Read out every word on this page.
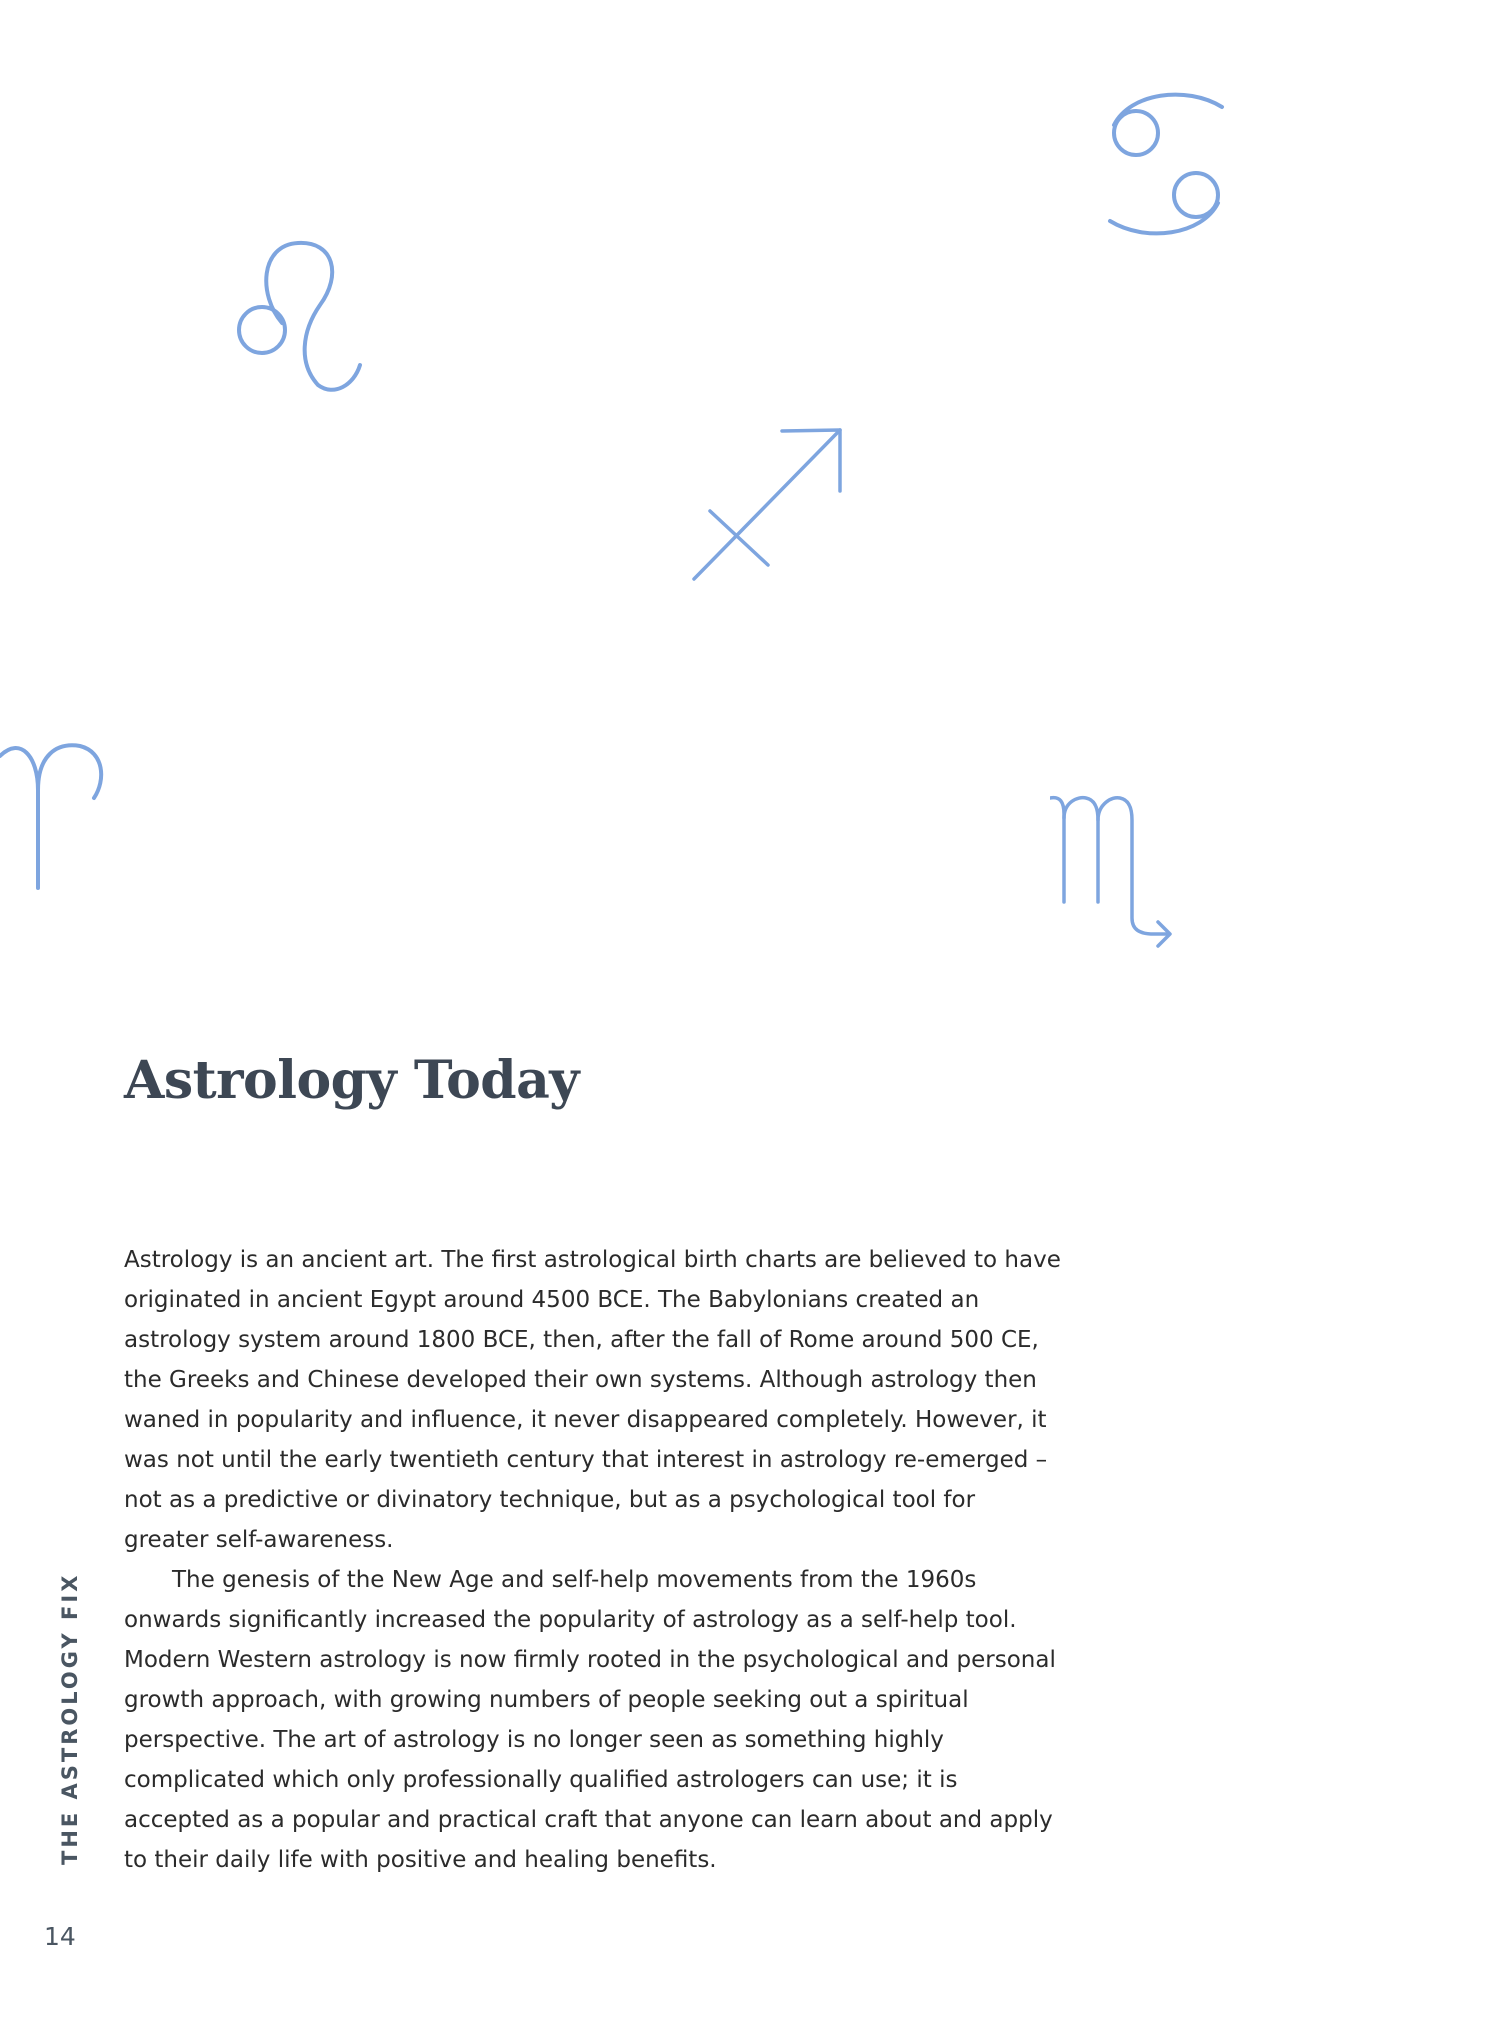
Astrology Today

Astrology is an ancient art. The first astrological birth charts are believed to have originated in ancient Egypt around 4500 BCE. The Babylonians created an astrology system around 1800 BCE, then, after the fall of Rome around 500 CE, the Greeks and Chinese developed their own systems. Although astrology then waned in popularity and influence, it never disappeared completely. However, it was not until the early twentieth century that interest in astrology re-emerged – not as a predictive or divinatory technique, but as a psychological tool for greater self-awareness.

The genesis of the New Age and self-help movements from the 1960s onwards significantly increased the popularity of astrology as a self-help tool. Modern Western astrology is now firmly rooted in the psychological and personal growth approach, with growing numbers of people seeking out a spiritual perspective. The art of astrology is no longer seen as something highly complicated which only professionally qualified astrologers can use; it is accepted as a popular and practical craft that anyone can learn about and apply to their daily life with positive and healing benefits.

THE ASTROLOGY FIX
14
